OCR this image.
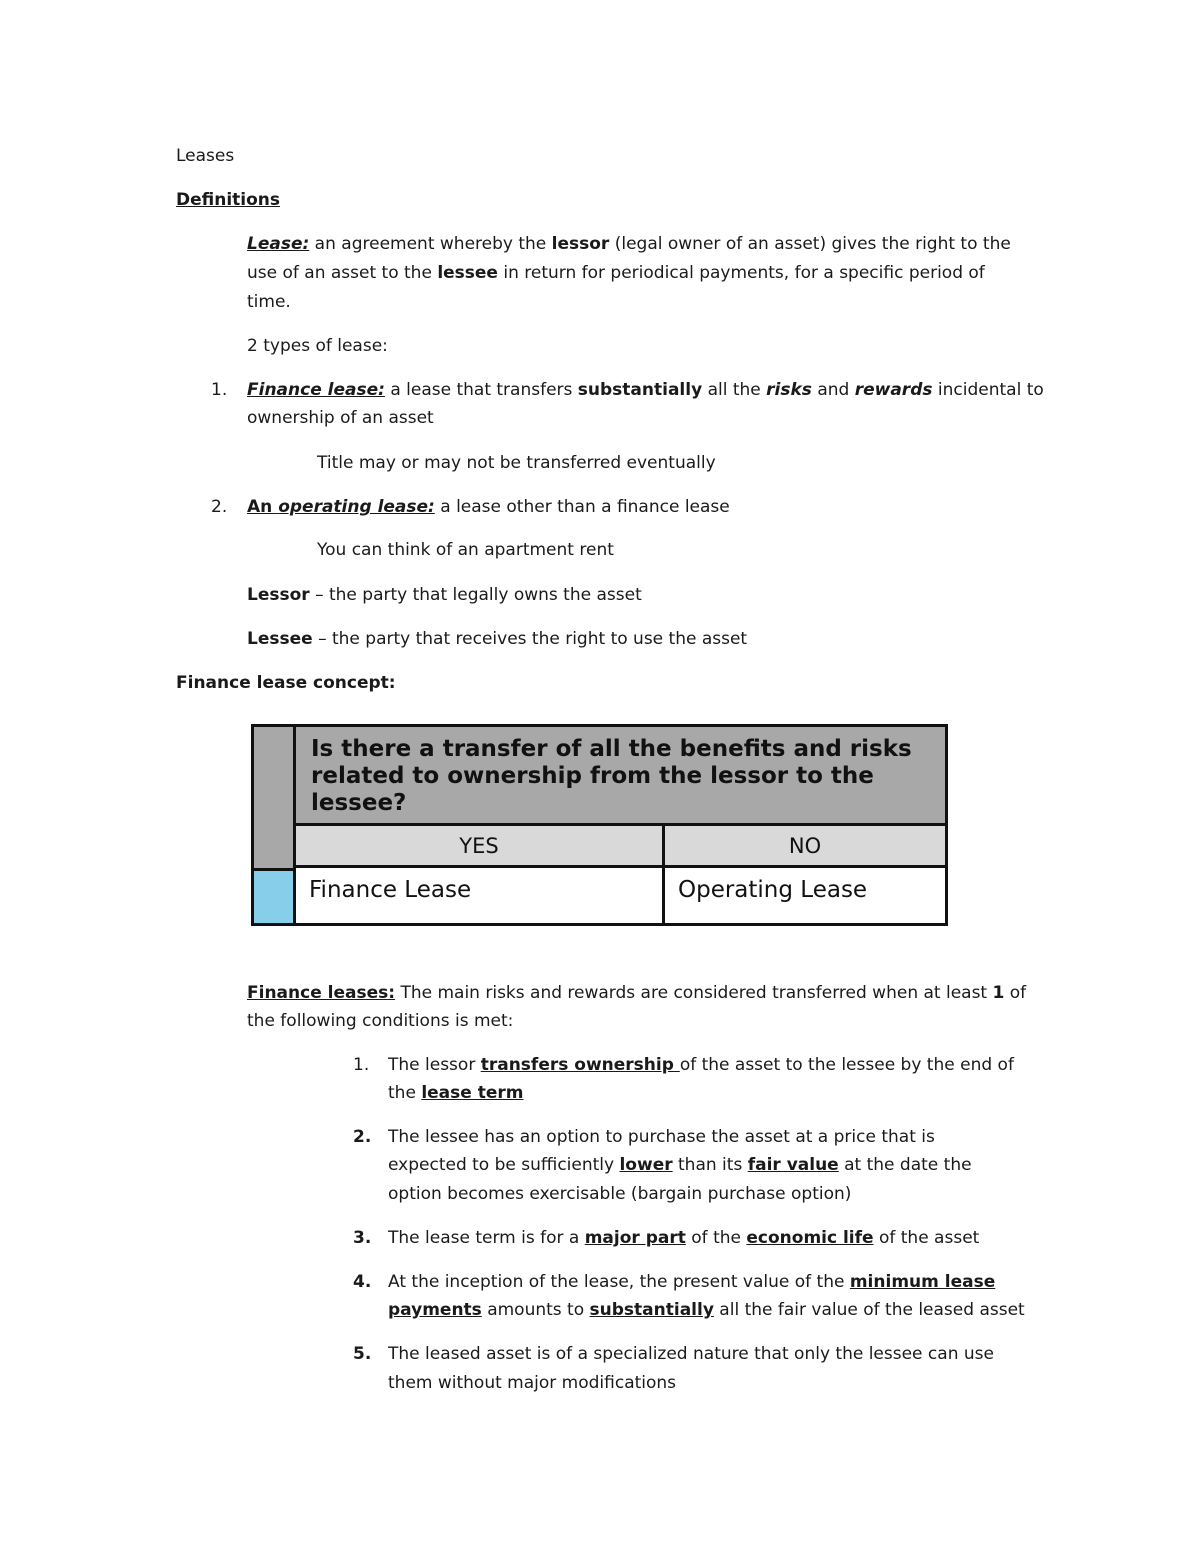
Leases
Definitions
Lease: an agreement whereby the lessor (legal owner of an asset) gives the right to the
use of an asset to the lessee in return for periodical payments, for a specific period of
time.
2 types of lease:
1. Finance lease: a lease that transfers substantially all the risks and rewards incidental to
ownership of an asset
Title may or may not be transferred eventually
2. An operating lease: a lease other than a finance lease
You can think of an apartment rent
Lessor – the party that legally owns the asset
Lessee – the party that receives the right to use the asset
Finance lease concept:
Is there a transfer of all the benefits and risks related to ownership from the lessor to the lessee?
YES	NO
Finance Lease	Operating Lease
Finance leases: The main risks and rewards are considered transferred when at least 1 of
the following conditions is met:
1. The lessor transfers ownership of the asset to the lessee by the end of
the lease term
2. The lessee has an option to purchase the asset at a price that is
expected to be sufficiently lower than its fair value at the date the
option becomes exercisable (bargain purchase option)
3. The lease term is for a major part of the economic life of the asset
4. At the inception of the lease, the present value of the minimum lease
payments amounts to substantially all the fair value of the leased asset
5. The leased asset is of a specialized nature that only the lessee can use
them without major modifications
